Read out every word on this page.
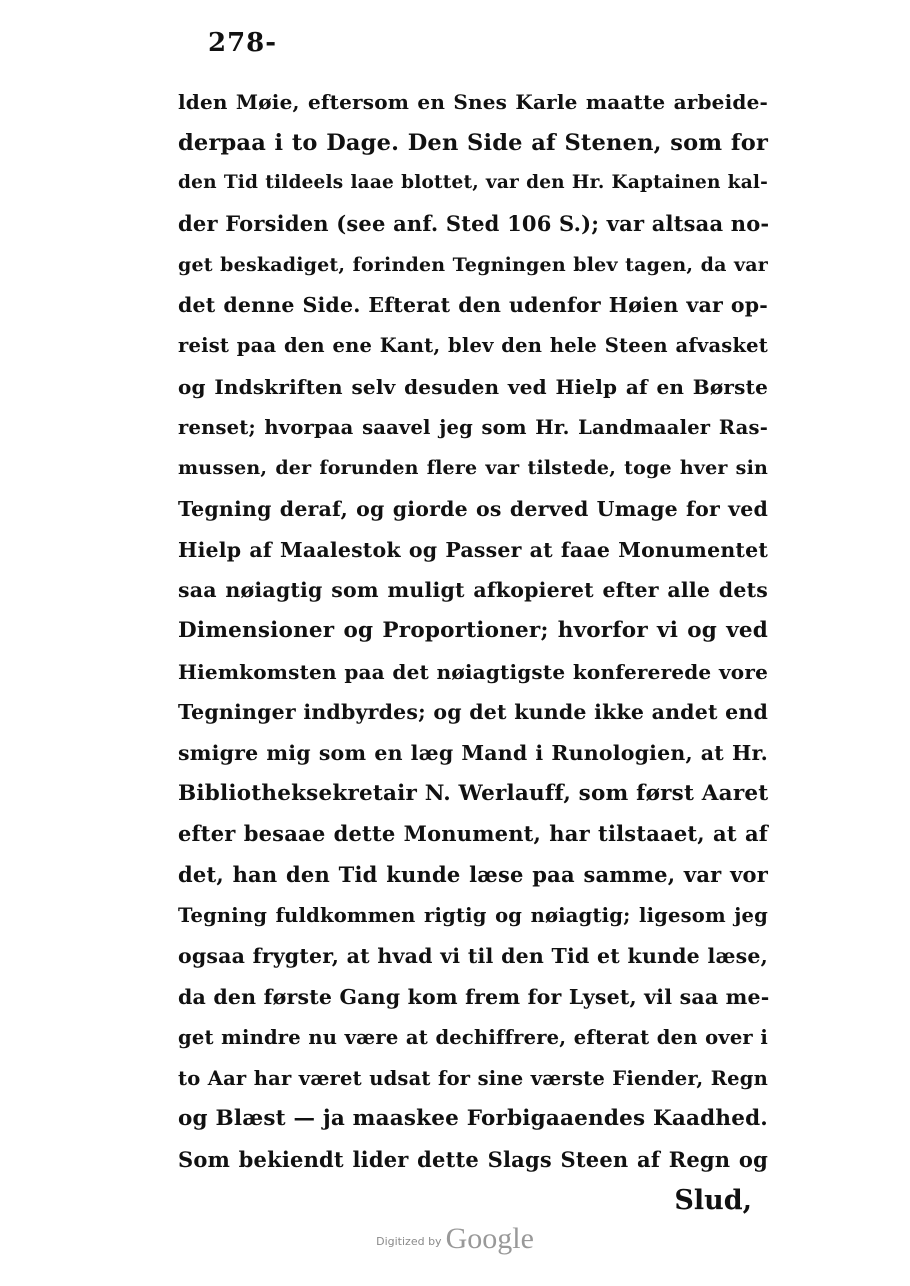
278-
lden Møie, eftersom en Snes Karle maatte arbeide-
derpaa i to Dage. Den Side af Stenen, som for
den Tid tildeels laae blottet, var den Hr. Kaptainen kal-
der Forsiden (see anf. Sted 106 S.); var altsaa no-
get beskadiget, forinden Tegningen blev tagen, da var
det denne Side. Efterat den udenfor Høien var op-
reist paa den ene Kant, blev den hele Steen afvasket
og Indskriften selv desuden ved Hielp af en Børste
renset; hvorpaa saavel jeg som Hr. Landmaaler Ras-
mussen, der forunden flere var tilstede, toge hver sin
Tegning deraf, og giorde os derved Umage for ved
Hielp af Maalestok og Passer at faae Monumentet
saa nøiagtig som muligt afkopieret efter alle dets
Dimensioner og Proportioner; hvorfor vi og ved
Hiemkomsten paa det nøiagtigste konfererede vore
Tegninger indbyrdes; og det kunde ikke andet end
smigre mig som en læg Mand i Runologien, at Hr.
Bibliotheksekretair N. Werlauff, som først Aaret
efter besaae dette Monument, har tilstaaet, at af
det, han den Tid kunde læse paa samme, var vor
Tegning fuldkommen rigtig og nøiagtig; ligesom jeg
ogsaa frygter, at hvad vi til den Tid et kunde læse,
da den første Gang kom frem for Lyset, vil saa me-
get mindre nu være at dechiffrere, efterat den over i
to Aar har været udsat for sine værste Fiender, Regn
og Blæst — ja maaskee Forbigaaendes Kaadhed.
Som bekiendt lider dette Slags Steen af Regn og
Slud,
Digitized by Google
